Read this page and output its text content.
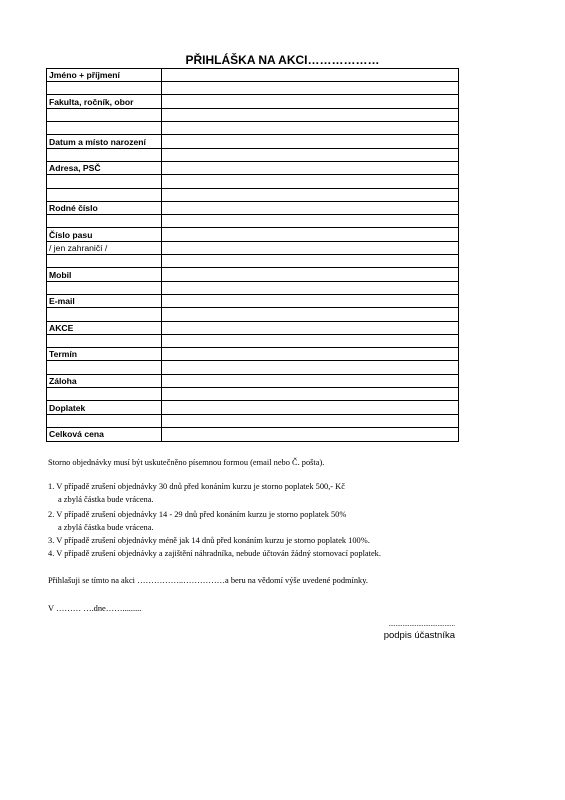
PŘIHLÁŠKA NA AKCI………………
Jméno + příjmení
Fakulta, ročník, obor
Datum a místo narození
Adresa, PSČ
Rodné číslo
Číslo pasu
/ jen zahraničí /
Mobil
E-mail
AKCE
Termín
Záloha
Doplatek
Celková cena
Storno objednávky musí být uskutečněno písemnou formou (email nebo Č. pošta).
1. V případě zrušení objednávky 30 dnů před konáním kurzu je storno poplatek 500,- Kč
a zbylá částka bude vrácena.
2. V případě zrušení objednávky 14 - 29 dnů před konáním kurzu je storno poplatek 50%
a zbylá částka bude vrácena.
3. V případě zrušení objednávky méně jak 14 dnů před konáním kurzu je storno poplatek 100%.
4. V případě zrušení objednávky a zajištění náhradníka, nebude účtován žádný stornovací poplatek.
Přihlašuji se tímto na akci ……………..……………a beru na vědomí výše uvedené podmínky.
V ……… ….dne…….........
......................................
podpis účastníka
